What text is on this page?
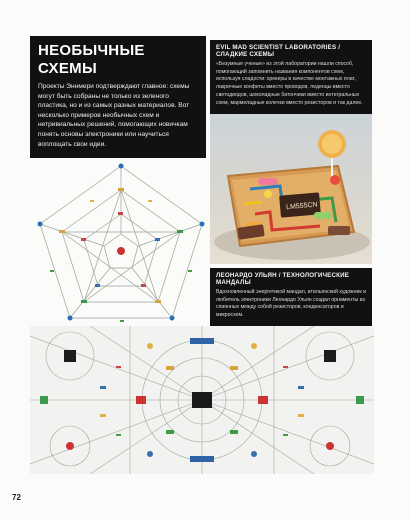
НЕОБЫЧНЫЕ СХЕМЫ
Проекты Эннмери подтверждают главное: схемы могут быть собраны не только из зеленого пластика, но и из самых разных материалов. Вот несколько примеров необычных схем и нетривиальных решений, помогающих новичкам понять основы электроники или научиться воплощать свои идеи.
EVIL MAD SCIENTIST LABORATORIES / СЛАДКИЕ СХЕМЫ
«Безумные ученые» из этой лаборатории нашли способ, помогающий запомнить названия компонентов схем, используя сладости: крекеры в качестве монтажных плат, лакричные конфеты вместо проводов, леденцы вместо светодиодов, шоколадные батончики вместо интегральных схем, мармеладные колечки вместо резисторов и так далее.
LM555CN
ЛЕОНАРДО УЛЬЯН / ТЕХНОЛОГИЧЕСКИЕ МАНДАЛЫ
Вдохновленный энергетикой мандал, итальянский художник и любитель электроники Леонардо Ульян создал орнаменты из спаянных между собой резисторов, конденсаторов и микросхем.
72
